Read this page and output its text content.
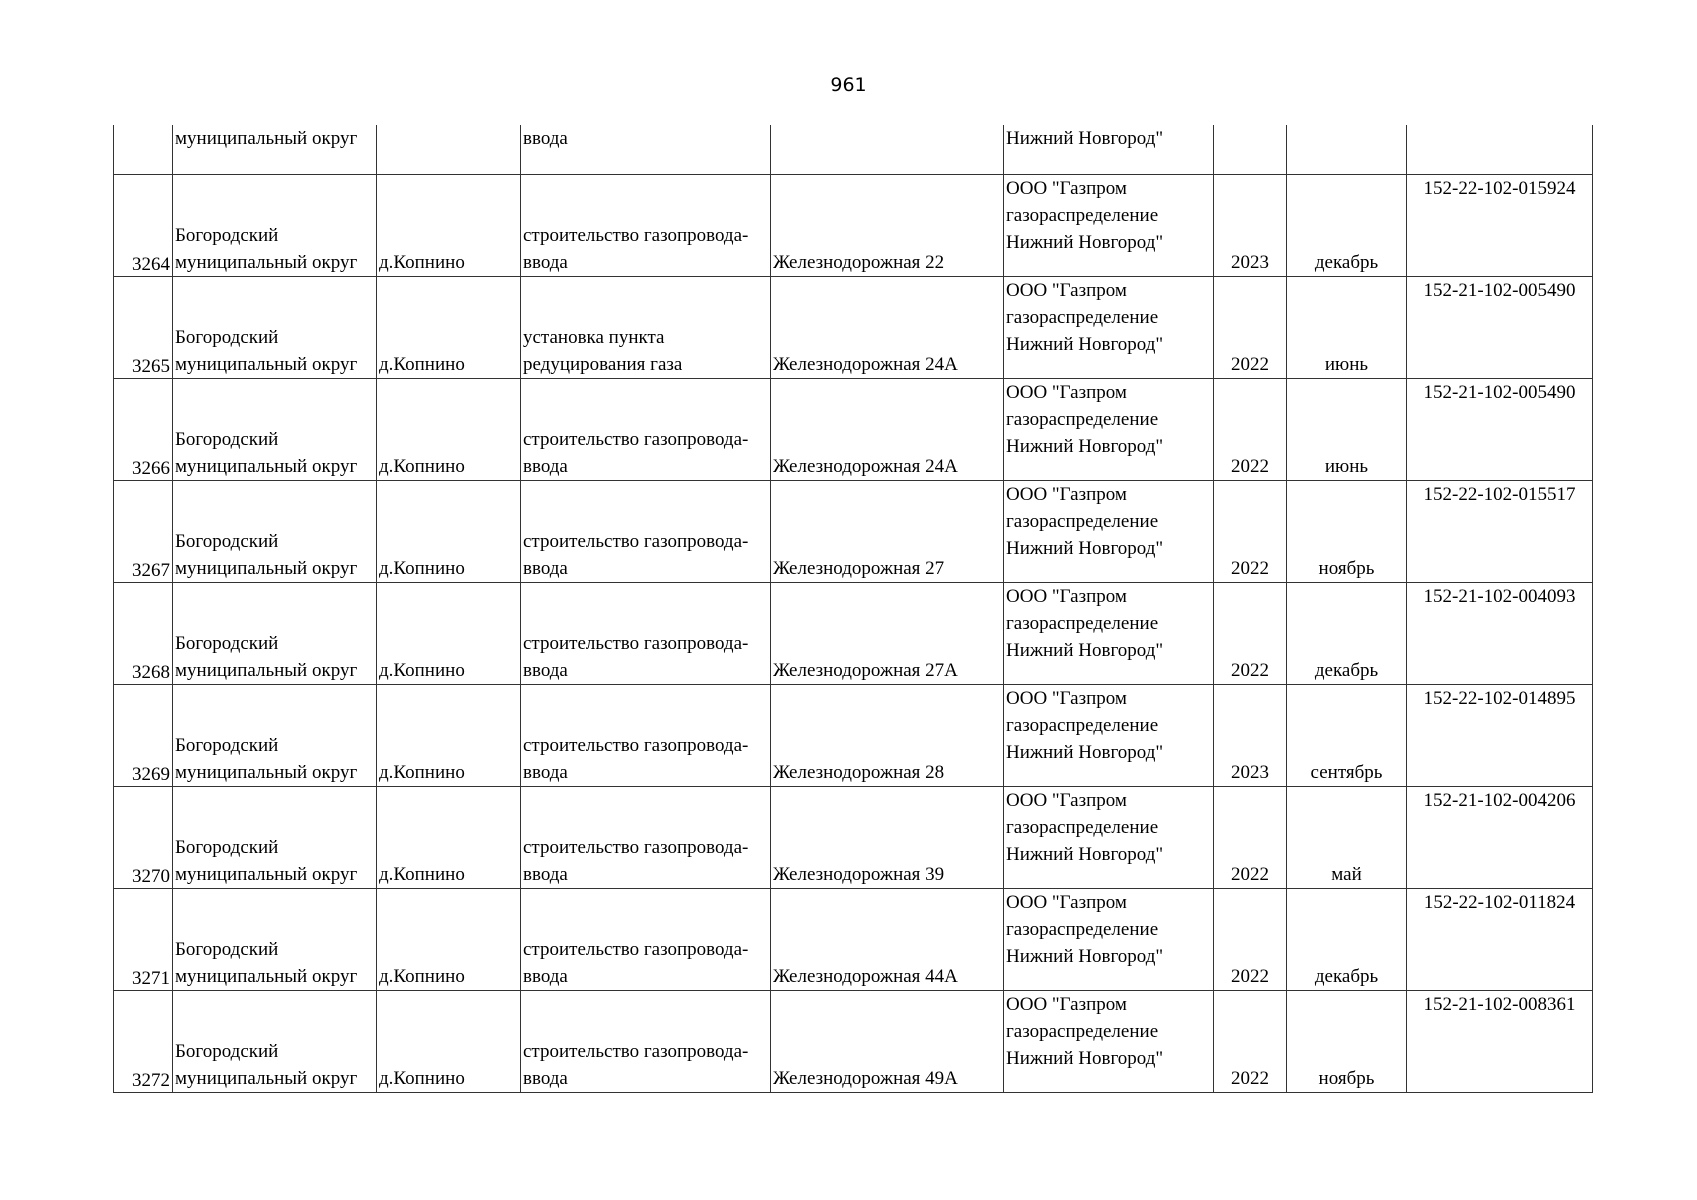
961
	муниципальный округ		ввода		Нижний Новгород"			
3264	Богородский
муниципальный округ	д.Копнино	строительство газопровода-
ввода	Железнодорожная 22	ООО "Газпром
газораспределение
Нижний Новгород"	2023	декабрь	152-22-102-015924
3265	Богородский
муниципальный округ	д.Копнино	установка пункта
редуцирования газа	Железнодорожная 24А	ООО "Газпром
газораспределение
Нижний Новгород"	2022	июнь	152-21-102-005490
3266	Богородский
муниципальный округ	д.Копнино	строительство газопровода-
ввода	Железнодорожная 24А	ООО "Газпром
газораспределение
Нижний Новгород"	2022	июнь	152-21-102-005490
3267	Богородский
муниципальный округ	д.Копнино	строительство газопровода-
ввода	Железнодорожная 27	ООО "Газпром
газораспределение
Нижний Новгород"	2022	ноябрь	152-22-102-015517
3268	Богородский
муниципальный округ	д.Копнино	строительство газопровода-
ввода	Железнодорожная 27А	ООО "Газпром
газораспределение
Нижний Новгород"	2022	декабрь	152-21-102-004093
3269	Богородский
муниципальный округ	д.Копнино	строительство газопровода-
ввода	Железнодорожная 28	ООО "Газпром
газораспределение
Нижний Новгород"	2023	сентябрь	152-22-102-014895
3270	Богородский
муниципальный округ	д.Копнино	строительство газопровода-
ввода	Железнодорожная 39	ООО "Газпром
газораспределение
Нижний Новгород"	2022	май	152-21-102-004206
3271	Богородский
муниципальный округ	д.Копнино	строительство газопровода-
ввода	Железнодорожная 44А	ООО "Газпром
газораспределение
Нижний Новгород"	2022	декабрь	152-22-102-011824
3272	Богородский
муниципальный округ	д.Копнино	строительство газопровода-
ввода	Железнодорожная 49А	ООО "Газпром
газораспределение
Нижний Новгород"	2022	ноябрь	152-21-102-008361
